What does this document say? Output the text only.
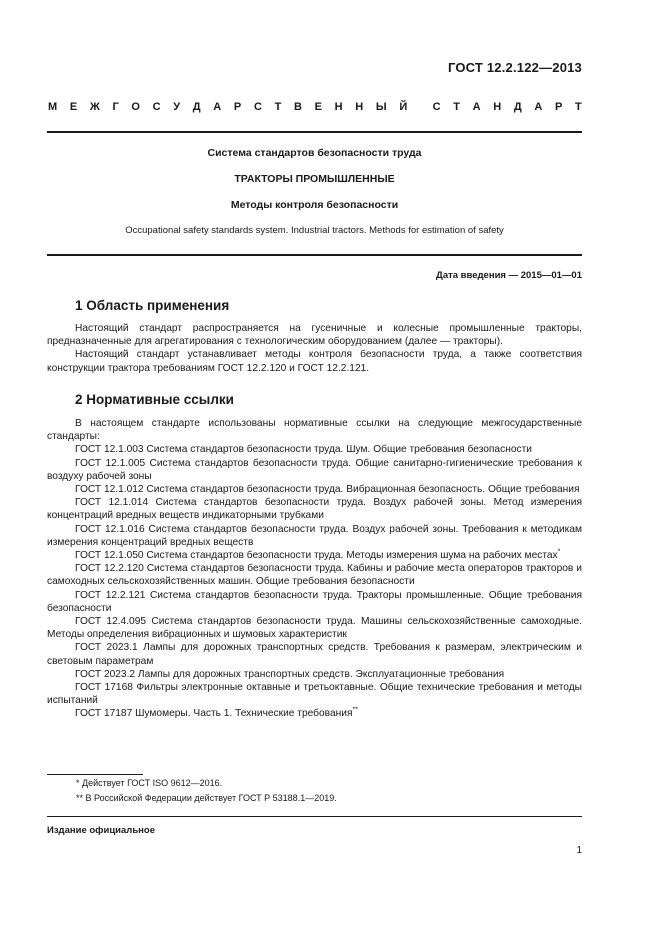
ГОСТ 12.2.122—2013
М Е Ж Г О С У Д А Р С Т В Е Н Н Ы Й С Т А Н Д А Р Т
Система стандартов безопасности труда
ТРАКТОРЫ ПРОМЫШЛЕННЫЕ
Методы контроля безопасности
Occupational safety standards system. Industrial tractors. Methods for estimation of safety
Дата введения — 2015—01—01
1 Область применения
Настоящий стандарт распространяется на гусеничные и колесные промышленные тракторы, предназначенные для агрегатирования с технологическим оборудованием (далее — тракторы).
Настоящий стандарт устанавливает методы контроля безопасности труда, а также соответствия конструкции трактора требованиям ГОСТ 12.2.120 и ГОСТ 12.2.121.
2 Нормативные ссылки
В настоящем стандарте использованы нормативные ссылки на следующие межгосударственные стандарты:
ГОСТ 12.1.003 Система стандартов безопасности труда. Шум. Общие требования безопасности
ГОСТ 12.1.005 Система стандартов безопасности труда. Общие санитарно-гигиенические требования к воздуху рабочей зоны
ГОСТ 12.1.012 Система стандартов безопасности труда. Вибрационная безопасность. Общие требования
ГОСТ 12.1.014 Система стандартов безопасности труда. Воздух рабочей зоны. Метод измерения концентраций вредных веществ индикаторными трубками
ГОСТ 12.1.016 Система стандартов безопасности труда. Воздух рабочей зоны. Требования к методикам измерения концентраций вредных веществ
ГОСТ 12.1.050 Система стандартов безопасности труда. Методы измерения шума на рабочих местах*
ГОСТ 12.2.120 Система стандартов безопасности труда. Кабины и рабочие места операторов тракторов и самоходных сельскохозяйственных машин. Общие требования безопасности
ГОСТ 12.2.121 Система стандартов безопасности труда. Тракторы промышленные. Общие требования безопасности
ГОСТ 12.4.095 Система стандартов безопасности труда. Машины сельскохозяйственные самоходные. Методы определения вибрационных и шумовых характеристик
ГОСТ 2023.1 Лампы для дорожных транспортных средств. Требования к размерам, электрическим и световым параметрам
ГОСТ 2023.2 Лампы для дорожных транспортных средств. Эксплуатационные требования
ГОСТ 17168 Фильтры электронные октавные и третьоктавные. Общие технические требования и методы испытаний
ГОСТ 17187 Шумомеры. Часть 1. Технические требования**
* Действует ГОСТ ISO 9612—2016.
** В Российской Федерации действует ГОСТ Р 53188.1—2019.
Издание официальное
1
